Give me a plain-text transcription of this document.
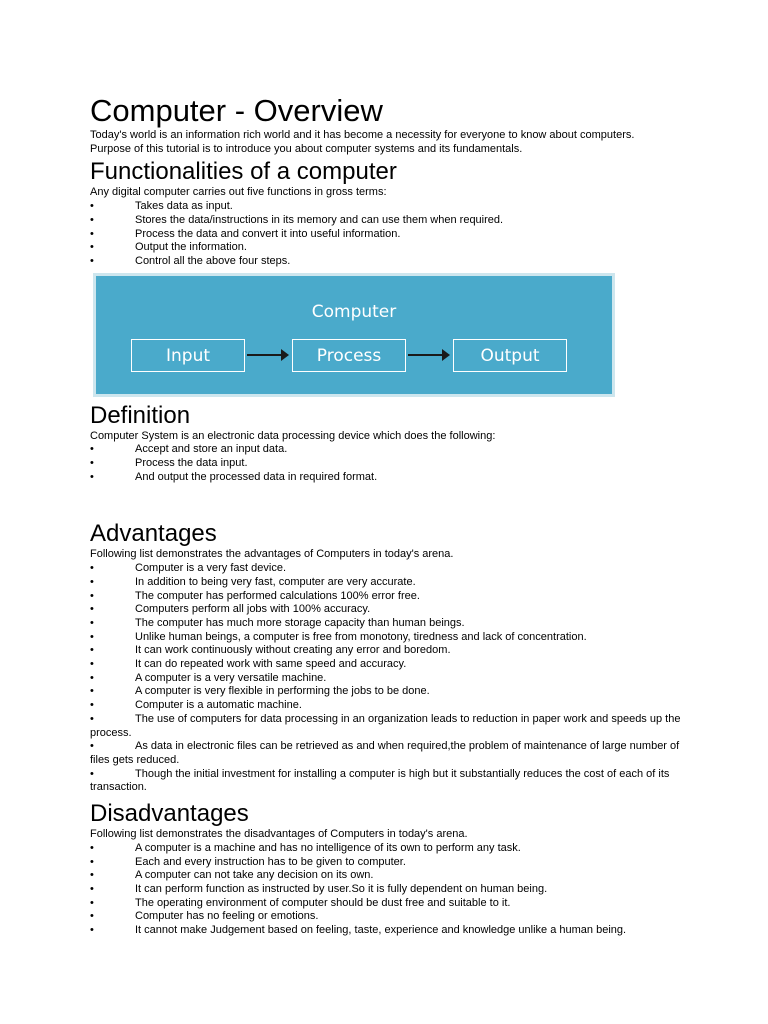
Computer - Overview

Today's world is an information rich world and it has become a necessity for everyone to know about computers.

Purpose of this tutorial is to introduce you about computer systems and its fundamentals.

Functionalities of a computer

Any digital computer carries out five functions in gross terms:

•	Takes data as input.
•	Stores the data/instructions in its memory and can use them when required.
•	Process the data and convert it into useful information.
•	Output the information.
•	Control all the above four steps.
Computer
Input	Process	Output
Definition

Computer System is an electronic data processing device which does the following:

•	Accept and store an input data.
•	Process the data input.
•	And output the processed data in required format.
Advantages

Following list demonstrates the advantages of Computers in today's arena.

•	Computer is a very fast device.
•	In addition to being very fast, computer are very accurate.
•	The computer has performed calculations 100% error free.
•	Computers perform all jobs with 100% accuracy.
•	The computer has much more storage capacity than human beings.
•	Unlike human beings, a computer is free from monotony, tiredness and lack of concentration.
•	It can work continuously without creating any error and boredom.
•	It can do repeated work with same speed and accuracy.
•	A computer is a very versatile machine.
•	A computer is very flexible in performing the jobs to be done.
•	Computer is a automatic machine.
•	The use of computers for data processing in an organization leads to reduction in paper work and speeds up the process.
•	As data in electronic files can be retrieved as and when required,the problem of maintenance of large number of files gets reduced.
•	Though the initial investment for installing a computer is high but it substantially reduces the cost of each of its transaction.
Disadvantages

Following list demonstrates the disadvantages of Computers in today's arena.

•	A computer is a machine and has no intelligence of its own to perform any task.
•	Each and every instruction has to be given to computer.
•	A computer can not take any decision on its own.
•	It can perform function as instructed by user.So it is fully dependent on human being.
•	The operating environment of computer should be dust free and suitable to it.
•	Computer has no feeling or emotions.
•	It cannot make Judgement based on feeling, taste, experience and knowledge unlike a human being.
